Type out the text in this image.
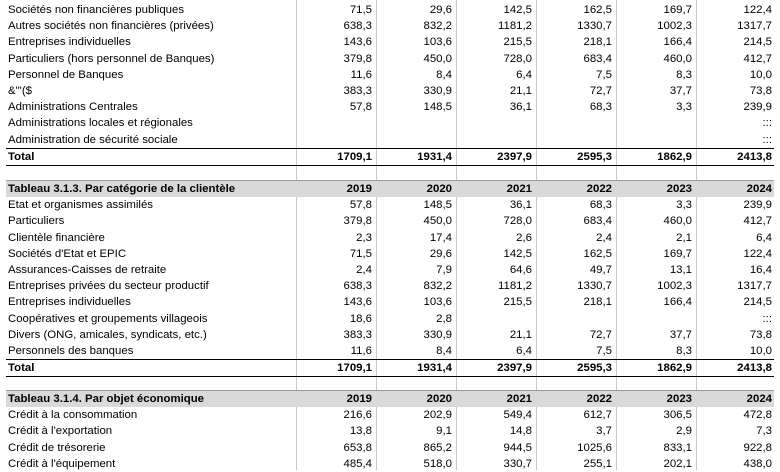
Sociétés non financières publiques	71,5	29,6	142,5	162,5	169,7	122,4
Autres sociétés non financières (privées)	638,3	832,2	1181,2	1330,7	1002,3	1317,7
Entreprises individuelles	143,6	103,6	215,5	218,1	166,4	214,5
Particuliers (hors personnel de Banques)	379,8	450,0	728,0	683,4	460,0	412,7
Personnel de Banques	11,6	8,4	6,4	7,5	8,3	10,0
&"'($	383,3	330,9	21,1	72,7	37,7	73,8
Administrations Centrales	57,8	148,5	36,1	68,3	3,3	239,9
Administrations locales et régionales						:::
Administration de sécurité sociale						:::
Total	1709,1	1931,4	2397,9	2595,3	1862,9	2413,8
Tableau 3.1.3. Par catégorie de la clientèle	2019	2020	2021	2022	2023	2024
Etat et organismes assimilés	57,8	148,5	36,1	68,3	3,3	239,9
Particuliers	379,8	450,0	728,0	683,4	460,0	412,7
Clientèle financière	2,3	17,4	2,6	2,4	2,1	6,4
Sociétés d'Etat et EPIC	71,5	29,6	142,5	162,5	169,7	122,4
Assurances-Caisses de retraite	2,4	7,9	64,6	49,7	13,1	16,4
Entreprises privées du secteur productif	638,3	832,2	1181,2	1330,7	1002,3	1317,7
Entreprises individuelles	143,6	103,6	215,5	218,1	166,4	214,5
Coopératives et groupements villageois	18,6	2,8				:::
Divers (ONG, amicales, syndicats, etc.)	383,3	330,9	21,1	72,7	37,7	73,8
Personnels des banques	11,6	8,4	6,4	7,5	8,3	10,0
Total	1709,1	1931,4	2397,9	2595,3	1862,9	2413,8
Tableau 3.1.4. Par objet économique	2019	2020	2021	2022	2023	2024
Crédit à la consommation	216,6	202,9	549,4	612,7	306,5	472,8
Crédit à l'exportation	13,8	9,1	14,8	3,7	2,9	7,3
Crédit de trésorerie	653,8	865,2	944,5	1025,6	833,1	922,8
Crédit à l'équipement	485,4	518,0	330,7	255,1	202,1	438,0
